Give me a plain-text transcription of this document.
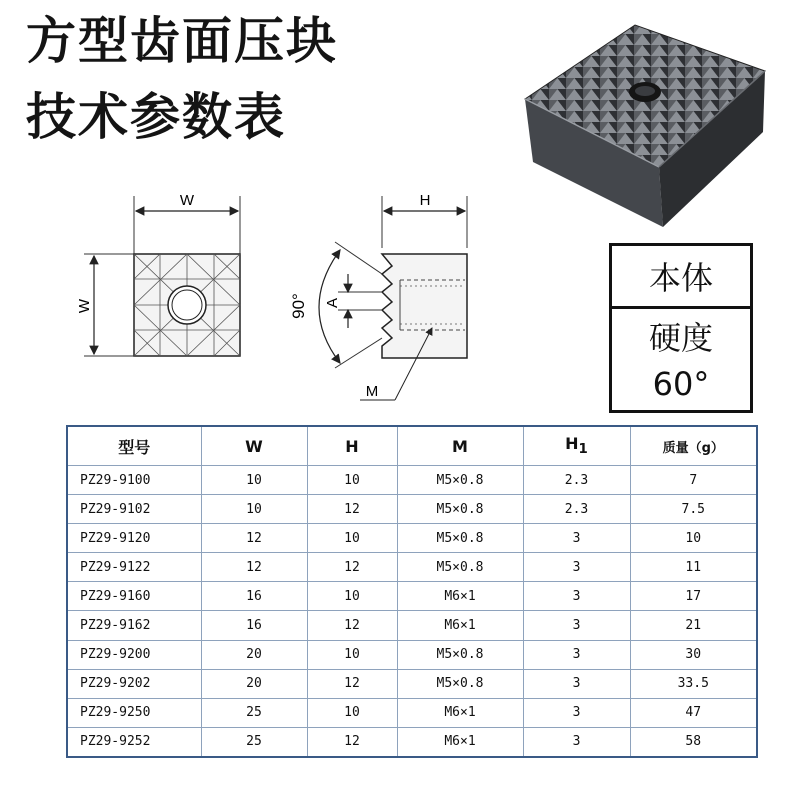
方型齿面压块
技术参数表
W
W
H
90° A
M
本体
硬度
60°
型号	W	H	M	$H_1$	质量（g）
PZ29-9100	10	10	M5×0.8	2.3	7
PZ29-9102	10	12	M5×0.8	2.3	7.5
PZ29-9120	12	10	M5×0.8	3	10
PZ29-9122	12	12	M5×0.8	3	11
PZ29-9160	16	10	M6×1	3	17
PZ29-9162	16	12	M6×1	3	21
PZ29-9200	20	10	M5×0.8	3	30
PZ29-9202	20	12	M5×0.8	3	33.5
PZ29-9250	25	10	M6×1	3	47
PZ29-9252	25	12	M6×1	3	58
